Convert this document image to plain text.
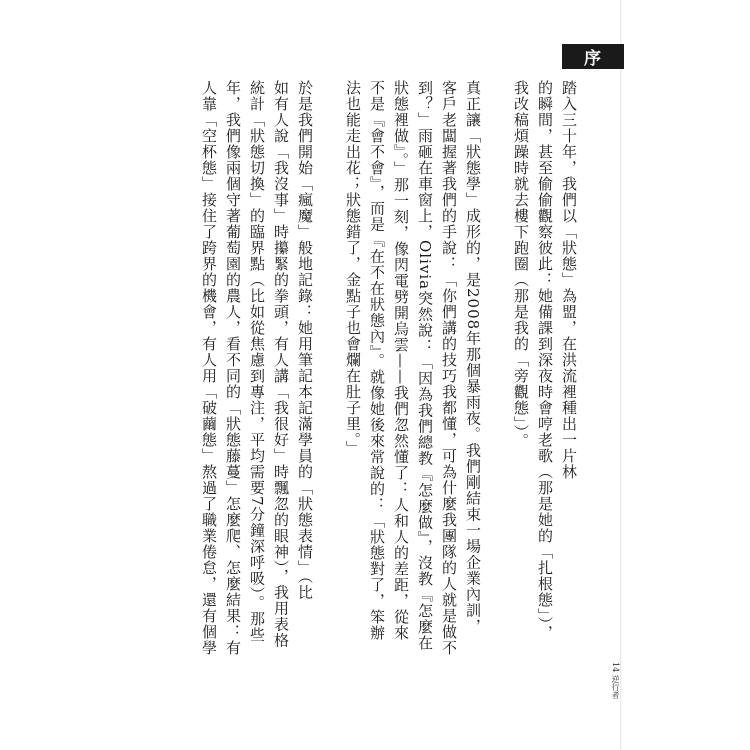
序
踏入三十年，我們以「狀態」為盟，在洪流裡種出一片林
的瞬間，甚至偷偷觀察彼此：她備課到深夜時會哼老歌（那是她的「扎根態」），
我改稿煩躁時就去樓下跑圈（那是我的「旁觀態」）。
真正讓「狀態學」成形的，是2008年那個暴雨夜。我們剛結束一場企業內訓，
客戶老闆握著我們的手說：「你們講的技巧我都懂，可為什麼我團隊的人就是做不
到？」雨砸在車窗上，Olivia突然說：「因為我們總教『怎麼做』，沒教『怎麼在
狀態裡做』。」那一刻，像閃電劈開烏雲——我們忽然懂了：人和人的差距，從來
不是『會不會』，而是『在不在狀態內』。就像她後來常說的：「狀態對了，笨辦
法也能走出花；狀態錯了，金點子也會爛在肚子里。」
於是我們開始「瘋魔」般地記錄：她用筆記本記滿學員的「狀態表情」（比
如有人說「我沒事」時攥緊的拳頭，有人講「我很好」時飄忽的眼神），我用表格
統計「狀態切換」的臨界點（比如從焦慮到專注，平均需要7分鐘深呼吸）。那些
年，我們像兩個守著葡萄園的農人，看不同的「狀態藤蔓」怎麼爬、怎麼結果：有
人靠「空杯態」接住了跨界的機會，有人用「破繭態」熬過了職業倦怠，還有個學
14 逆行者
